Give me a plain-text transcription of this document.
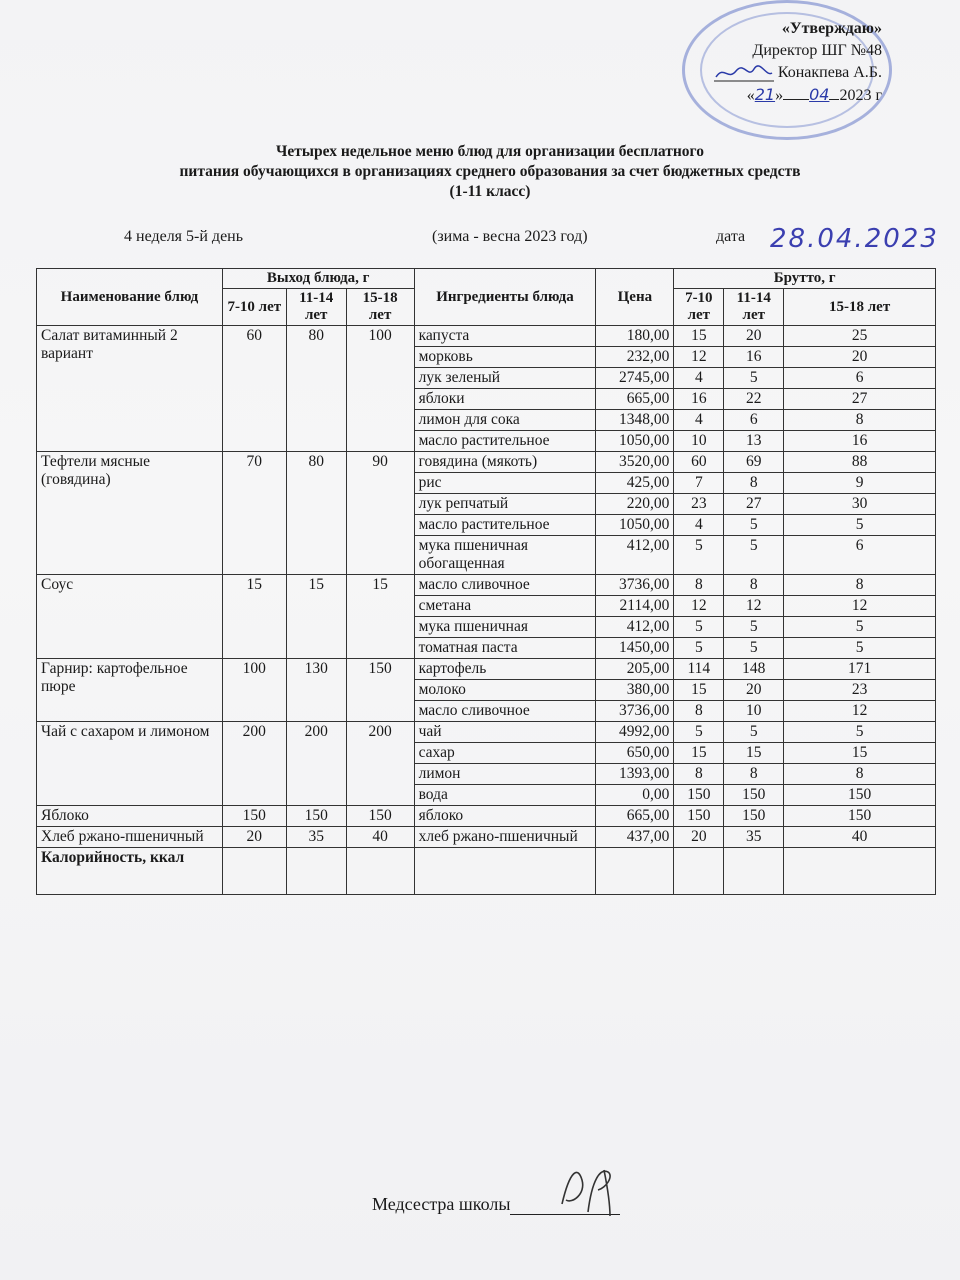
«Утверждаю»
Директор ШГ №48
Конакпева А.Б.
«21» 04 2023 г
Четырех недельное меню блюд для организации бесплатного
питания обучающихся в организациях среднего образования за счет бюджетных средств
(1-11 класс)
4 неделя 5-й день	(зима - весна 2023 год)	дата 28.04.2023
Наименование блюд	Выход блюда, г			Ингредиенты блюда	Цена	Брутто, г		
	7-10 лет	11-14 лет	15-18 лет			7-10 лет	11-14 лет	15-18 лет
Салат витаминный 2 вариант	60	80	100	капуста	180,00	15	20	25
				морковь	232,00	12	16	20
				лук зеленый	2745,00	4	5	6
				яблоки	665,00	16	22	27
				лимон для сока	1348,00	4	6	8
				масло растительное	1050,00	10	13	16
Тефтели мясные (говядина)	70	80	90	говядина (мякоть)	3520,00	60	69	88
				рис	425,00	7	8	9
				лук репчатый	220,00	23	27	30
				масло растительное	1050,00	4	5	5
				мука пшеничная обогащенная	412,00	5	5	6
Соус	15	15	15	масло сливочное	3736,00	8	8	8
				сметана	2114,00	12	12	12
				мука пшеничная	412,00	5	5	5
				томатная паста	1450,00	5	5	5
Гарнир: картофельное пюре	100	130	150	картофель	205,00	114	148	171
				молоко	380,00	15	20	23
				масло сливочное	3736,00	8	10	12
Чай с сахаром и лимоном	200	200	200	чай	4992,00	5	5	5
				сахар	650,00	15	15	15
				лимон	1393,00	8	8	8
				вода	0,00	150	150	150
Яблоко	150	150	150	яблоко	665,00	150	150	150
Хлеб ржано-пшеничный	20	35	40	хлеб ржано-пшеничный	437,00	20	35	40
Калорийность, ккал								
Медсестра школы
